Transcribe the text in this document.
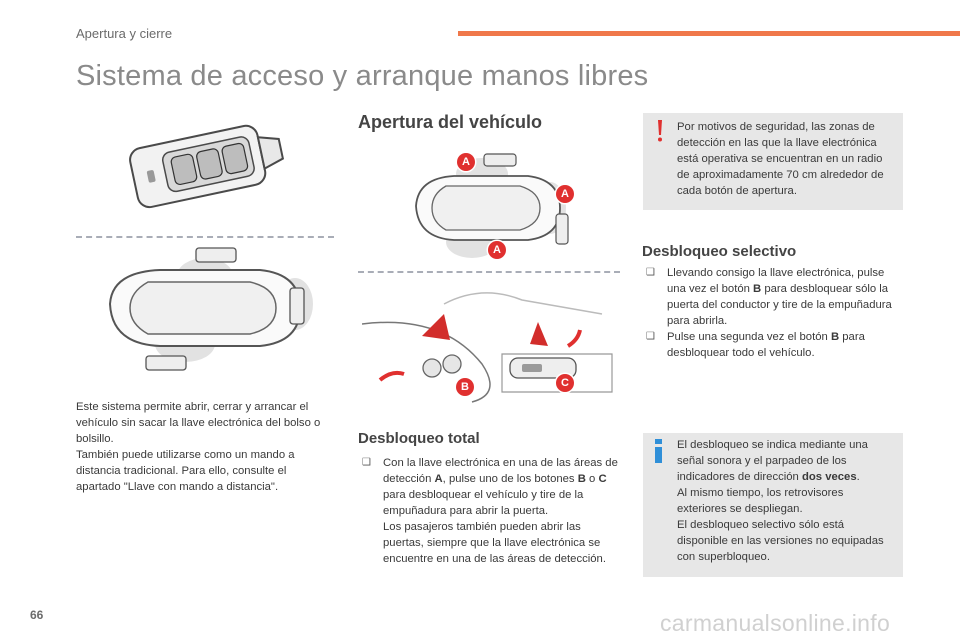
Apertura y cierre
Sistema de acceso y arranque manos libres
Este sistema permite abrir, cerrar y arrancar el vehículo sin sacar la llave electrónica del bolso o bolsillo.
También puede utilizarse como un mando a distancia tradicional. Para ello, consulte el apartado "Llave con mando a distancia".
Apertura del vehículo
A
A
A
B	C
Desbloqueo total
❑ Con la llave electrónica en una de las áreas de detección A, pulse uno de los botones B o C para desbloquear el vehículo y tire de la empuñadura para abrir la puerta.
Los pasajeros también pueden abrir las puertas, siempre que la llave electrónica se encuentre en una de las áreas de detección.
Por motivos de seguridad, las zonas de detección en las que la llave electrónica está operativa se encuentran en un radio de aproximadamente 70 cm alrededor de cada botón de apertura.
Desbloqueo selectivo
❑ Llevando consigo la llave electrónica, pulse una vez el botón B para desbloquear sólo la puerta del conductor y tire de la empuñadura para abrirla.
❑ Pulse una segunda vez el botón B para desbloquear todo el vehículo.
El desbloqueo se indica mediante una señal sonora y el parpadeo de los indicadores de dirección dos veces.
Al mismo tiempo, los retrovisores exteriores se despliegan.
El desbloqueo selectivo sólo está disponible en las versiones no equipadas con superbloqueo.
66	carmanualsonline.info
